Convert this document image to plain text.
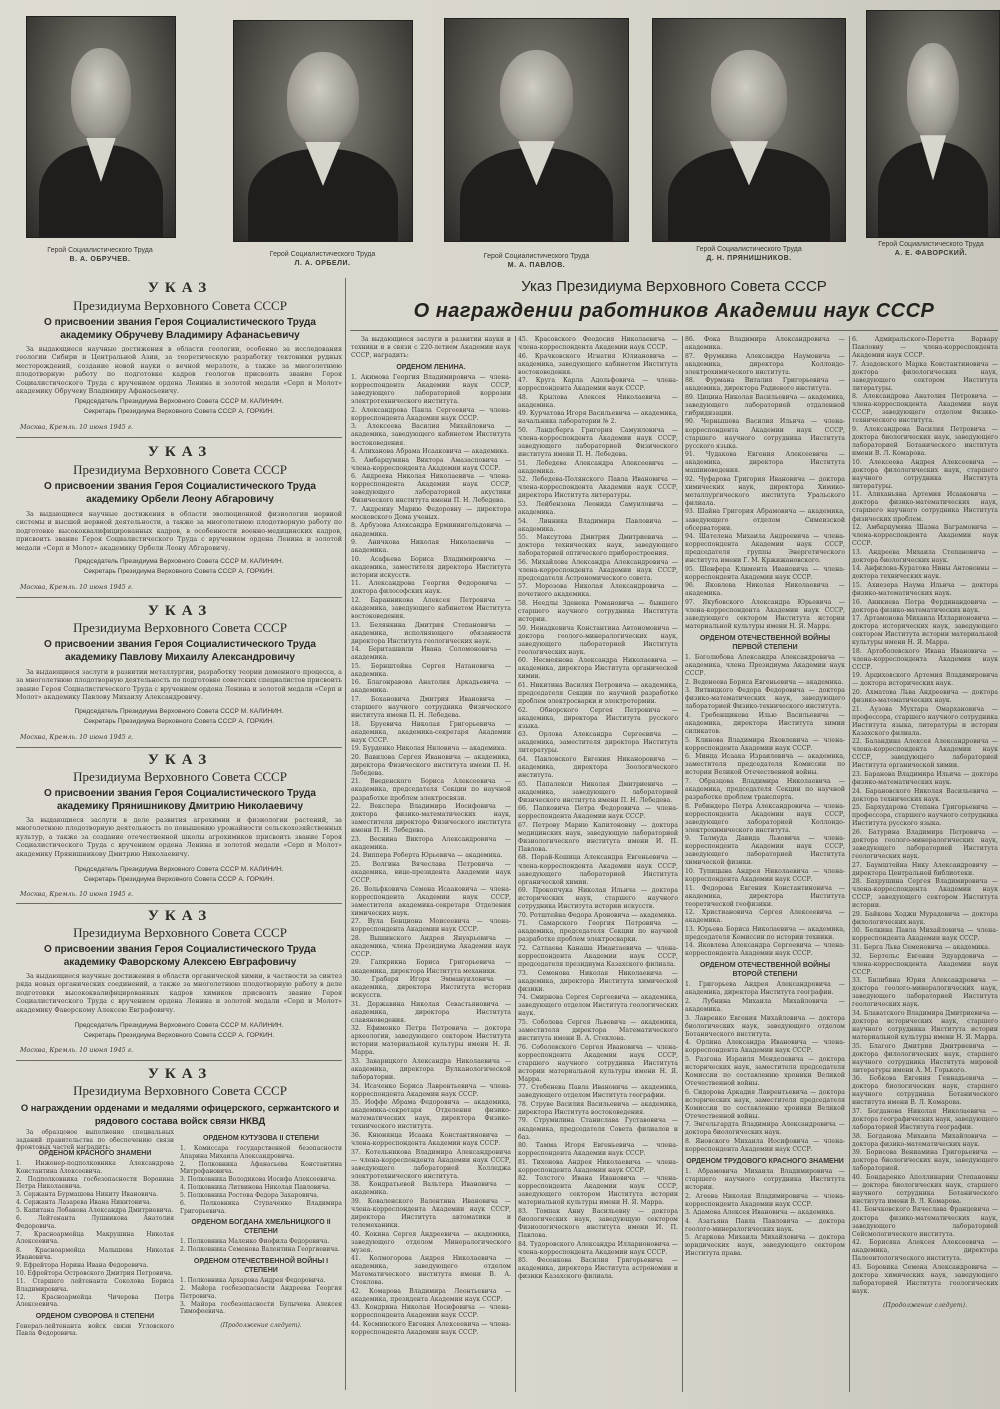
Герой Социалистического Труда
В. А. ОБРУЧЕВ.
Герой Социалистического Труда
Л. А. ОРБЕЛИ.
Герой Социалистического Труда
М. А. ПАВЛОВ.
Герой Социалистического Труда
Д. Н. ПРЯНИШНИКОВ.
Герой Социалистического Труда
А. Е. ФАВОРСКИЙ.
УКАЗ
Президиума Верховного Совета СССР
О присвоении звания Героя Социалистического Труда академику Обручеву Владимиру Афанасьевичу
За выдающиеся научные достижения в области геологии, особенно за исследования геологии Сибири и Центральной Азии, за теоретическую разработку тектоники рудных месторождений, создание новой науки о вечной мерзлоте, а также за многолетнюю плодотворную работу по подготовке кадров геологов присвоить звание Героя Социалистического Труда с вручением ордена Ленина и золотой медали «Серп и Молот» академику Обручеву Владимиру Афанасьевичу.
Председатель Президиума Верховного Совета СССР М. КАЛИНИН.
Секретарь Президиума Верховного Совета СССР А. ГОРКИН.
Москва, Кремль. 10 июня 1945 г.
УКАЗ
Президиума Верховного Совета СССР
О присвоении звания Героя Социалистического Труда академику Орбели Леону Абгаровичу
За выдающиеся научные достижения в области эволюционной физиологии нервной системы и высшей нервной деятельности, а также за многолетнюю плодотворную работу по подготовке высококвалифицированных кадров, в особенности военно-медицинских кадров, присвоить звание Героя Социалистического Труда с вручением ордена Ленина и золотой медали «Серп и Молот» академику Орбели Леону Абгаровичу.
Председатель Президиума Верховного Совета СССР М. КАЛИНИН.
Секретарь Президиума Верховного Совета СССР А. ГОРКИН.
Москва, Кремль. 10 июня 1945 г.
УКАЗ
Президиума Верховного Совета СССР
О присвоении звания Героя Социалистического Труда академику Павлову Михаилу Александровичу
За выдающиеся заслуги в развитии металлургии, разработку теории доменного процесса, а за многолетнюю плодотворную деятельность по подготовке советских специалистов присвоить звание Героя Социалистического Труда с вручением ордена Ленина и золотой медали «Серп и Молот» академику Павлову Михаилу Александровичу.
Председатель Президиума Верховного Совета СССР М. КАЛИНИН.
Секретарь Президиума Верховного Совета СССР А. ГОРКИН.
Москва, Кремль. 10 июня 1945 г.
УКАЗ
Президиума Верховного Совета СССР
О присвоении звания Героя Социалистического Труда академику Прянишникову Дмитрию Николаевичу
За выдающиеся заслуги в деле развития агрохимии и физиологии растений, за многолетнюю плодотворную деятельность по повышению урожайности сельскохозяйственных культур, а также за создание отечественной школы агрохимиков присвоить звание Героя Социалистического Труда с вручением ордена Ленина и золотой медали «Серп и Молот» академику Прянишникову Дмитрию Николаевичу.
Председатель Президиума Верховного Совета СССР М. КАЛИНИН.
Секретарь Президиума Верховного Совета СССР А. ГОРКИН.
Москва, Кремль. 10 июня 1945 г.
УКАЗ
Президиума Верховного Совета СССР
О присвоении звания Героя Социалистического Труда академику Фаворскому Алексею Евграфовичу
За выдающиеся научные достижения в области органической химии, в частности за синтез ряда новых органических соединений, а также за многолетнюю плодотворную работу в деле подготовки высококвалифицированных кадров химиков присвоить звание Героя Социалистического Труда с вручением ордена Ленина и золотой медали «Серп и Молот» академику Фаворскому Алексею Евграфовичу.
Председатель Президиума Верховного Совета СССР М. КАЛИНИН.
Секретарь Президиума Верховного Совета СССР А. ГОРКИН.
Москва, Кремль. 10 июня 1945 г.
УКАЗ
Президиума Верховного Совета СССР
О награждении орденами и медалями офицерского, сержантского и рядового состава войск связи НКВД
За образцовое выполнение специальных заданий правительства по обеспечению связи фронтовых частей наградить:
ОРДЕНОМ КРАСНОГО ЗНАМЕНИ

1. Инженер-подполковника Александрова Константина Алексеевича.

2. Подполковника госбезопасности Воронина Петра Николаевича.

3. Сержанта Бурмашова Никиту Ивановича.

4. Сержанта Лазарева Ивана Никитовича.

5. Капитана Лобанова Александра Дмитриевича.

6. Лейтенанта Лушникова Анатолия Федоровича.

7. Красноармейца Макрушина Николая Алексеевича.

8. Красноармейца Малышева Николая Ивановича.

9. Ефрейтора Норина Ивана Федоровича.

10. Ефрейтора Островского Дмитрия Петровича.

11. Старшего лейтенанта Соколова Бориса Владимировича.

12. Красноармейца Чичерова Петра Алексеевича.

ОРДЕНОМ СУВОРОВА II СТЕПЕНИ

Генерал-лейтенанта войск связи Угловского Павла Федоровича.

ОРДЕНОМ КУТУЗОВА II СТЕПЕНИ

1. Комиссара государственной безопасности Апарина Михаила Александровича.

2. Полковника Афанасьева Константина Митрофановича.

3. Полковника Володикова Иосифа Алексеевича.

4. Полковника Литвинова Николая Павловича.

5. Полковника Ростова Федора Захаровича.

6. Полковника Ступаченко Владимира Григорьевича.

ОРДЕНОМ БОГДАНА ХМЕЛЬНИЦКОГО II СТЕПЕНИ

1. Полковника Маленко Фиофила Федоровича.

2. Полковника Семенова Валентина Георгиевича.

ОРДЕНОМ ОТЕЧЕСТВЕННОЙ ВОЙНЫ I СТЕПЕНИ

1. Полковника Архарова Андрея Федоровича.

2. Майора госбезопасности Андреева Георгия Петровича.

3. Майора госбезопасности Булычева Алексея Тимофеевича.

(Продолжение следует).
Указ Президиума Верховного Совета СССР
О награждении работников Академии наук СССР

За выдающиеся заслуги в развитии науки и техники и в связи с 220-летием Академии наук СССР, наградить:

ОРДЕНОМ ЛЕНИНА.

1. Акимова Георгия Владимировича — члена-корреспондента Академии наук СССР, заведующего лабораторией коррозии электротехнического института.

2. Александрова Павла Сергеевича — члена-корреспондента Академии наук СССР.

3. Алексеева Василия Михайловича — академика, заведующего кабинетом Института востоковедения.

4. Алиханова Абрама Исааковича — академика.

5. Амбарцумяна Виктора Амазасповича — члена-корреспондента Академии наук СССР.

6. Андреева Николая Николаевича — члена-корреспондента Академии наук СССР, заведующего лабораторией акустики Физического института имени П. Н. Лебедева.

7. Андреину Марию Федоровну — директора московского Дома ученых.

8. Арбузова Александра Ерминингельдовича — академика.

9. Аничкова Николая Николаевича — академика.

10. Асафьева Бориса Владимировича — академика, заместителя директора Института истории искусств.

11. Александрова Георгия Федоровича — доктора философских наук.

12. Баранникова Алексея Петровича — академика, заведующего кабинетом Института востоковедения.

13. Белянкина Дмитрия Степановича — академика, исполняющего обязанности директора Института геологических наук.

14. Бериташвили Ивана Соломоновича — академика.

15. Бернштейна Сергея Натановича — академика.

16. Благонравова Анатолия Аркадьевича — академика.

17. Бохановича Дмитрия Ивановича — старшего научного сотрудника Физического института имени П. Н. Лебедева.

18. Бруевича Николая Григорьевича — академика, академика-секретаря Академии наук СССР.

19. Бурденко Николая Ниловича — академика.

20. Вавилова Сергея Ивановича — академика, директора Физического института имени П. Н. Лебедева.

21. Введенского Бориса Алексеевича — академика, председателя Секции по научной разработке проблем электросвязи.

22. Векслера Владимира Иосифовича — доктора физико-математических наук, заместителя директора Физического института имени П. Н. Лебедева.

23. Веснина Виктора Александровича — академика.

24. Виппера Роберта Юрьевича — академика.

25. Волгина Вячеслава Петровича — академика, вице-президента Академии наук СССР.

26. Вольфковича Семена Исааковича — члена-корреспондента Академии наук СССР, заместителя академика-секретаря Отделения химических наук.

27. Вула Бенциона Моисеевича — члена-корреспондента Академии наук СССР.

28. Вышинского Андрея Януарьевича — академика, члена Президиума Академии наук СССР.

29. Гапкрикна Бориса Григорьевича — академика, директора Института механики.

30. Грабаря Игоря Эммануиловича — академика, директора Института истории искусств.

31. Державина Николая Севастьяновича — академика, директора Института славяноведения.

32. Ефименко Петра Петровича — доктора археологии, заведующего сектором Института истории материальной культуры имени Н. Я. Марра.

33. Заварицкого Александра Николаевича — академика, директора Вулканологической лаборатории.

34. Исаченко Бориса Лаврентьевича — члена-корреспондента Академии наук СССР.

35. Иоффе Абрама Федоровича — академика, академика-секретаря Отделения физико-математических наук, директора Физико-технического института.

36. Кнюнянца Исаака Константиновича — члена-корреспондента Академии наук СССР.

37. Котельникова Владимира Александровича — члена-корреспондента Академии наук СССР, заведующего лабораторией Колледжа электротехнического института.

38. Кондратьевой Вальтера Ивановича — академика.

39. Коваленского Валентина Ивановича — члена-корреспондента Академии наук СССР, директора Института автоматики и телемеханики.

40. Кокина Сергея Андреевича — академика, заведующего отделом Минералогического музея.

41. Колмогорова Андрея Николаевича — академика, заведующего отделом Математического института имени В. А. Стеклова.

42. Комарова Владимира Леонтьевича — академика, президента Академии наук СССР.

43. Кондрина Николая Иосифовича — члена-корреспондента Академии наук СССР.

44. Косминского Евгения Алексеевича — члена-корреспондента Академии наук СССР.

45. Красовского Феодосия Николаевича — члена-корреспондента Академии наук СССР.

46. Крачковского Игнатия Юлиановича — академика, заведующего кабинетом Института востоковедения.

47. Круга Карла Адольфовича — члена-корреспондента Академии наук СССР.

48. Крылова Алексея Николаевича — академика.

49. Курчатова Игоря Васильевича — академика, начальника лаборатории № 2.

50. Ландсберга Григория Самуиловича — члена-корреспондента Академии наук СССР, заведующего лабораторией Физического института имени П. Н. Лебедева.

51. Лебедева Александра Алексеевича — академика.

52. Лебедева-Полянского Павла Ивановича — члена-корреспондента Академии наук СССР, директора Института литературы.

53. Лейбензона Леонида Самуиловича — академика.

54. Линника Владимира Павловича — академика.

55. Максутова Дмитрия Дмитриевича — доктора технических наук, заведующего лабораторией оптического приборостроения.

56. Михайлова Александра Александровича — члена-корреспондента Академии наук СССР, председателя Астрономического совета.

57. Морозова Николая Александровича — почетного академика.

58. Неедлы Зденека Романовича — бывшего старшего научного сотрудника Института истории.

59. Ненадкевича Константина Автономовича — доктора геолого-минералогических наук, заведующего лабораторией Института геологических наук.

60. Несмеянова Александра Николаевича — академика, директора Института органической химии.

61. Никитина Василия Петровича — академика, председателя Секции по научной разработке проблем электросварки и электротермии.

62. Обнорского Сергея Петровича — академика, директора Института русского языка.

63. Орлова Александра Сергеевича — академика, заместителя директора Института литературы.

64. Павловского Евгения Никаноровича — академика, директора Зоологического института.

65. Папалекси Николая Дмитриевича — академика, заведующего лабораторией Физического института имени П. Н. Лебедева.

66. Папковича Петра Федоровича — члена-корреспондента Академии наук СССР.

67. Петрову Марию Капитоновну — доктора медицинских наук, заведующую лабораторией Физиологического института имени И. П. Павлова.

68. Порай-Кошица Александра Евгеньевича — члена-корреспондента Академии наук СССР, заведующего лабораторией Института органической химии.

69. Прокопчука Николая Ильича — доктора исторических наук, старшего научного сотрудника Института истории искусств.

70. Ротштейна Федора Ароновича — академика.

71. Самарского Георгия Петровича — академика, председателя Секции по научной разработке проблем электросварки.

72. Сатпаева Канаша Имантаевича — члена-корреспондента Академии наук СССР, председателя президиума Казахского филиала.

73. Семенова Николая Николаевича — академика, директора Института химической физики.

74. Смирнова Сергея Сергеевича — академика, заведующего отделом Института геологических наук.

75. Соболева Сергея Львовича — академика, заместителя директора Математического института имени В. А. Стеклова.

76. Соболевского Сергея Ивановича — члена-корреспондента Академии наук СССР, старшего научного сотрудника Института истории материальной культуры имени Н. Я. Марра.

77. Стебенева Павла Ивановича — академика, заведующего отделом Института географии.

78. Струве Василия Васильевича — академика, директора Института востоковедения.

79. Струмилина Станислава Густавовича — академика, председателя Совета филиалов и баз.

80. Тамма Игоря Евгеньевича — члена-корреспондента Академии наук СССР.

81. Тихонова Андрея Николаевича — члена-корреспондента Академии наук СССР.

82. Толстого Ивана Ивановича — члена-корреспондента Академии наук СССР, заведующего сектором Института истории материальной культуры имени Н. Я. Марра.

83. Томпак Анну Васильевну — доктора биологических наук, заведующую сектором Физиологического института имени И. П. Павлова.

84. Тудоровского Александра Илларионовича — члена-корреспондента Академии наук СССР.

85. Фесенкова Василия Григорьевича — академика, директора Института астрономии и физики Казахского филиала.

86. Фока Владимира Александровича — академика.

87. Фрумкина Александра Наумовича — академика, директора Коллоидо-электрохимического института.

88. Фурмана Виталия Григорьевича — академика, директора Радиевого института.

89. Цицина Николая Васильевича — академика, заведующего лабораторией отдаленной гибридизации.

90. Чернышева Василия Ильича — члена-корреспондента Академии наук СССР, старшего научного сотрудника Института русского языка.

91. Чудакова Евгения Алексеевича — академика, директора Института машиноведения.

92. Чуфарова Григория Ивановича — доктора химических наук, директора Химико-металлургического института Уральского филиала.

93. Шайна Григория Абрамовича — академика, заведующего отделом Симеизской обсерватории.

94. Шателена Михаила Андреевича — члена-корреспондента Академии наук СССР, председателя группы Энергетического института имени Г. М. Кржижановского.

95. Шенфера Климента Ивановича — члена-корреспондента Академии наук СССР.

96. Яковлева Николая Николаевича — академика.

97. Якубовского Александра Юрьевича — члена-корреспондента Академии наук СССР, заведующего сектором Института истории материальной культуры имени Н. Я. Марра.

ОРДЕНОМ ОТЕЧЕСТВЕННОЙ ВОЙНЫ ПЕРВОЙ СТЕПЕНИ

1. Боголюбова Александра Александровича — академика, члена Президиума Академии наук СССР.

2. Веденеева Бориса Евгеньевича — академика.

3. Витвицкого Федора Федоровича — доктора физико-математических наук, заведующего лабораторией Физико-технического института.

4. Гребенщикова Илью Васильевича — академика, директора Института химии силикатов.

5. Клинова Владимира Яковлевича — члена-корреспондента Академии наук СССР.

6. Минца Исаака Израилевича — академика, заместителя председателя Комиссии по истории Великой Отечественной войны.

7. Образцова Владимира Николаевича — академика, председателя Секции по научной разработке проблем транспорта.

8. Ребиндера Петра Александровича — члена-корреспондента Академии наук СССР, заведующего лабораторией Коллоидо-электрохимического института.

9. Талмуда Давида Львовича — члена-корреспондента Академии наук СССР, заведующего лабораторией Института химической физики.

10. Тупицына Андрея Николаевича — члена-корреспондента Академии наук СССР.

11. Федорова Евгения Константиновича — академика, директора Института теоретической геофизики.

12. Христиановича Сергея Алексеевича — академика.

13. Юрьева Бориса Николаевича — академика, председателя Комиссии по истории техники.

14. Яковлева Александра Сергеевича — члена-корреспондента Академии наук СССР.

ОРДЕНОМ ОТЕЧЕСТВЕННОЙ ВОЙНЫ ВТОРОЙ СТЕПЕНИ

1. Григорьева Андрея Александровича — академика, директора Института географии.

2. Лубнина Михаила Михайловича — академика.

3. Лавренко Евгения Михайловича — доктора биологических наук, заведующего отделом Ботанического института.

4. Орлина Александра Ивановича — члена-корреспондента Академии наук СССР.

5. Разгона Израиля Менделевича — доктора исторических наук, заместителя председателя Комиссии по составлению хроники Великой Отечественной войны.

6. Сидорова Аркадия Лаврентьевича — доктора исторических наук, заместителя председателя Комиссии по составлению хроники Великой Отечественной войны.

7. Энгельгардта Владимира Александровича — доктора биологических наук.

8. Яновского Михаила Иосифовича — члена-корреспондента Академии наук СССР.

ОРДЕНОМ ТРУДОВОГО КРАСНОГО ЗНАМЕНИ

1. Абрамовича Михаила Владимировича — старшего научного сотрудника Института истории.

2. Агеева Николая Владимировича — члена-корреспондента Академии наук СССР.

3. Адамова Алексея Ивановича — академика.

4. Азатьяна Павла Павловича — доктора геолого-минералогических наук.

5. Агаркова Михаила Михайловича — доктора юридических наук, заведующего сектором Института права.

6. Адмиральского-Перетта Варвару Павловну — члена-корреспондента Академии наук СССР.

7. Азадовского Марка Константиновича — доктора филологических наук, заведующего сектором Института литературы.

8. Александрова Анатолия Петровича — члена-корреспондента Академии наук СССР, заведующего отделом Физико-технического института.

9. Александрова Василия Петровича — доктора биологических наук, заведующего лабораторией Ботанического института имени В. Л. Комарова.

10. Алексеева Андрея Алексеевича — доктора филологических наук, старшего научного сотрудника Института литературы.

11. Алиханьяна Артемия Исааковича — доктора физико-математических наук, старшего научного сотрудника Института физических проблем.

12. Амбарцумяна Шаэна Ваграмовича — члена-корреспондента Академии наук СССР.

13. Андреева Михаила Степановича — доктора биологических наук.

14. Анфилова-Куратова Нины Антоновны — доктора технических наук.

15. Ахиезера Наума Ильича — доктора физико-математических наук.

16. Аникиева Петра Фердинандовича — доктора физико-математических наук.

17. Артамонова Михаила Илларионовича — доктора исторических наук, заведующего сектором Института истории материальной культуры имени Н. Я. Марра.

18. Артоболевского Ивана Ивановича — члена-корреспондента Академии наук СССР.

19. Арциховского Артемия Владимировича — доктора исторических наук.

20. Ахматова Льва Андреевича — доктора физико-математических наук.

21. Аузова Мухтара Омархановича — профессора, старшего научного сотрудника Института языка, литературы и истории Казахского филиала.

22. Баландина Алексея Александровича — члена-корреспондента Академии наук СССР, заведующего лабораторией Института органической химии.

23. Баранова Владимира Ильича — доктора физико-математических наук.

24. Барановского Николая Васильевича — доктора технических наук.

25. Бархударова Степана Григорьевича — профессора, старшего научного сотрудника Института русского языка.

26. Батурина Владимира Петровича — доктора геолого-минералогических наук, заведующего лабораторией Института геологических наук.

27. Баумштейна Нику Александровичу — директора Центральной библиотеки.

28. Бахрушина Сергея Владимировича — члена-корреспондента Академии наук СССР, заведующего сектором Института истории.

29. Байкова Ходжи Мурадовича — доктора филологических наук.

30. Белкина Павла Михайловича — члена-корреспондента Академии наук СССР.

31. Берга Льва Семеновича — академика.

32. Бертельс Евгения Эдуардовича — члена-корреспондента Академии наук СССР.

33. Билибина Юрия Александровича — доктора геолого-минералогических наук, заведующего лабораторией Института геологических наук.

34. Блаватского Владимира Дмитриевича — доктора исторических наук, старшего научного сотрудника Института истории материальной культуры имени Н. Я. Марра.

35. Благого Дмитрия Дмитриевича — доктора филологических наук, старшего научного сотрудника Института мировой литературы имени А. М. Горького.

36. Бобкова Евгения Геннадьевича — доктора биологических наук, старшего научного сотрудника Ботанического института имени В. Л. Комарова.

37. Богданова Николая Николаевича — доктора географических наук, заведующего лабораторией Института географии.

38. Богданова Михаила Михайловича — доктора физико-математических наук.

39. Борисова Вениамина Григорьевича — доктора биологических наук, заведующего лабораторией.

40. Бондаренко Аполлинарии Степановны — доктора биологических наук, старшего научного сотрудника Ботанического института имени В. Л. Комарова.

41. Бончковского Вячеслава Францевича — доктора физико-математических наук, заведующего лабораторией Сейсмологического института.

42. Борисяка Алексея Алексеевича — академика, директора Палеонтологического института.

43. Боровика Семена Александровича — доктора химических наук, заведующего лабораторией Института геологических наук.

(Продолжение следует).
